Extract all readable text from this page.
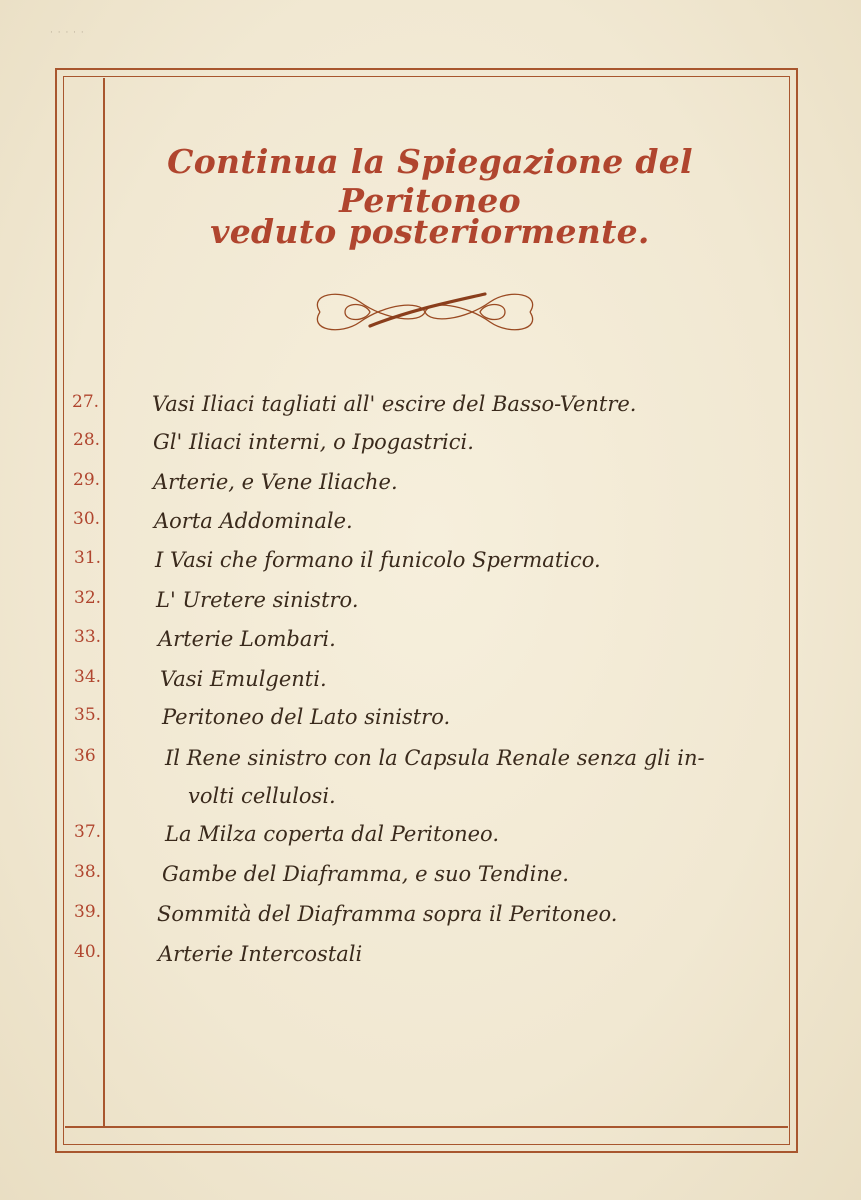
· · · · ·
Continua la Spiegazione del Peritoneo
veduto posteriormente.
27.	Vasi Iliaci tagliati all' escire del Basso-Ventre.
28.	Gl' Iliaci interni, o Ipogastrici.
29.	Arterie, e Vene Iliache.
30.	Aorta Addominale.
31.	I Vasi che formano il funicolo Spermatico.
32.	L' Uretere sinistro.
33.	Arterie Lombari.
34.	Vasi Emulgenti.
35.	Peritoneo del Lato sinistro.
36	Il Rene sinistro con la Capsula Renale senza gli in-
volti cellulosi.
37.	La Milza coperta dal Peritoneo.
38.	Gambe del Diaframma, e suo Tendine.
39.	Sommità del Diaframma sopra il Peritoneo.
40.	Arterie Intercostali
